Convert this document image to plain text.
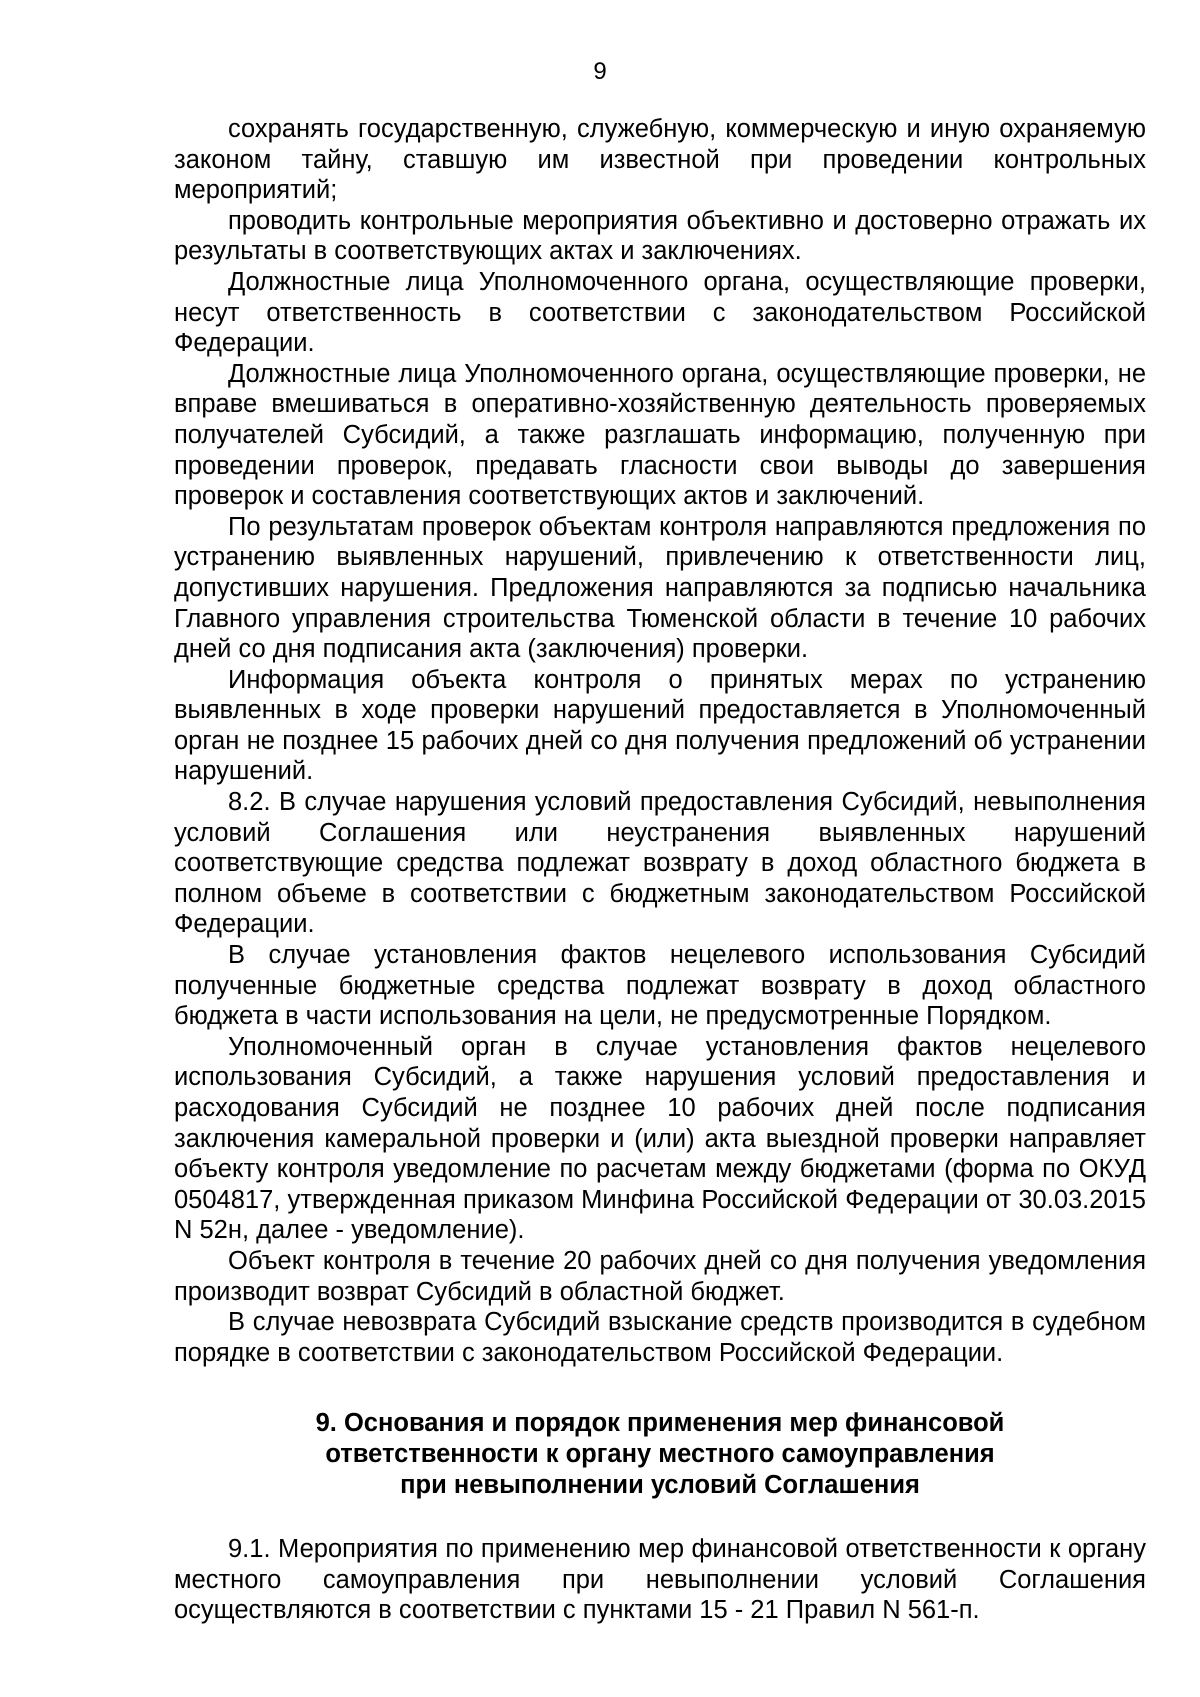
9

сохранять государственную, служебную, коммерческую и иную охраняемую законом тайну, ставшую им известной при проведении контрольных мероприятий;

проводить контрольные мероприятия объективно и достоверно отражать их результаты в соответствующих актах и заключениях.

Должностные лица Уполномоченного органа, осуществляющие проверки, несут ответственность в соответствии с законодательством Российской Федерации.

Должностные лица Уполномоченного органа, осуществляющие проверки, не вправе вмешиваться в оперативно-хозяйственную деятельность проверяемых получателей Субсидий, а также разглашать информацию, полученную при проведении проверок, предавать гласности свои выводы до завершения проверок и составления соответствующих актов и заключений.

По результатам проверок объектам контроля направляются предложения по устранению выявленных нарушений, привлечению к ответственности лиц, допустивших нарушения. Предложения направляются за подписью начальника Главного управления строительства Тюменской области в течение 10 рабочих дней со дня подписания акта (заключения) проверки.

Информация объекта контроля о принятых мерах по устранению выявленных в ходе проверки нарушений предоставляется в Уполномоченный орган не позднее 15 рабочих дней со дня получения предложений об устранении нарушений.

8.2. В случае нарушения условий предоставления Субсидий, невыполнения условий Соглашения или неустранения выявленных нарушений соответствующие средства подлежат возврату в доход областного бюджета в полном объеме в соответствии с бюджетным законодательством Российской Федерации.

В случае установления фактов нецелевого использования Субсидий полученные бюджетные средства подлежат возврату в доход областного бюджета в части использования на цели, не предусмотренные Порядком.

Уполномоченный орган в случае установления фактов нецелевого использования Субсидий, а также нарушения условий предоставления и расходования Субсидий не позднее 10 рабочих дней после подписания заключения камеральной проверки и (или) акта выездной проверки направляет объекту контроля уведомление по расчетам между бюджетами (форма по ОКУД 0504817, утвержденная приказом Минфина Российской Федерации от 30.03.2015 N 52н, далее - уведомление).

Объект контроля в течение 20 рабочих дней со дня получения уведомления производит возврат Субсидий в областной бюджет.

В случае невозврата Субсидий взыскание средств производится в судебном порядке в соответствии с законодательством Российской Федерации.

9. Основания и порядок применения мер финансовой
ответственности к органу местного самоуправления
при невыполнении условий Соглашения

9.1. Мероприятия по применению мер финансовой ответственности к органу местного самоуправления при невыполнении условий Соглашения осуществляются в соответствии с пунктами 15 - 21 Правил N 561-п.
